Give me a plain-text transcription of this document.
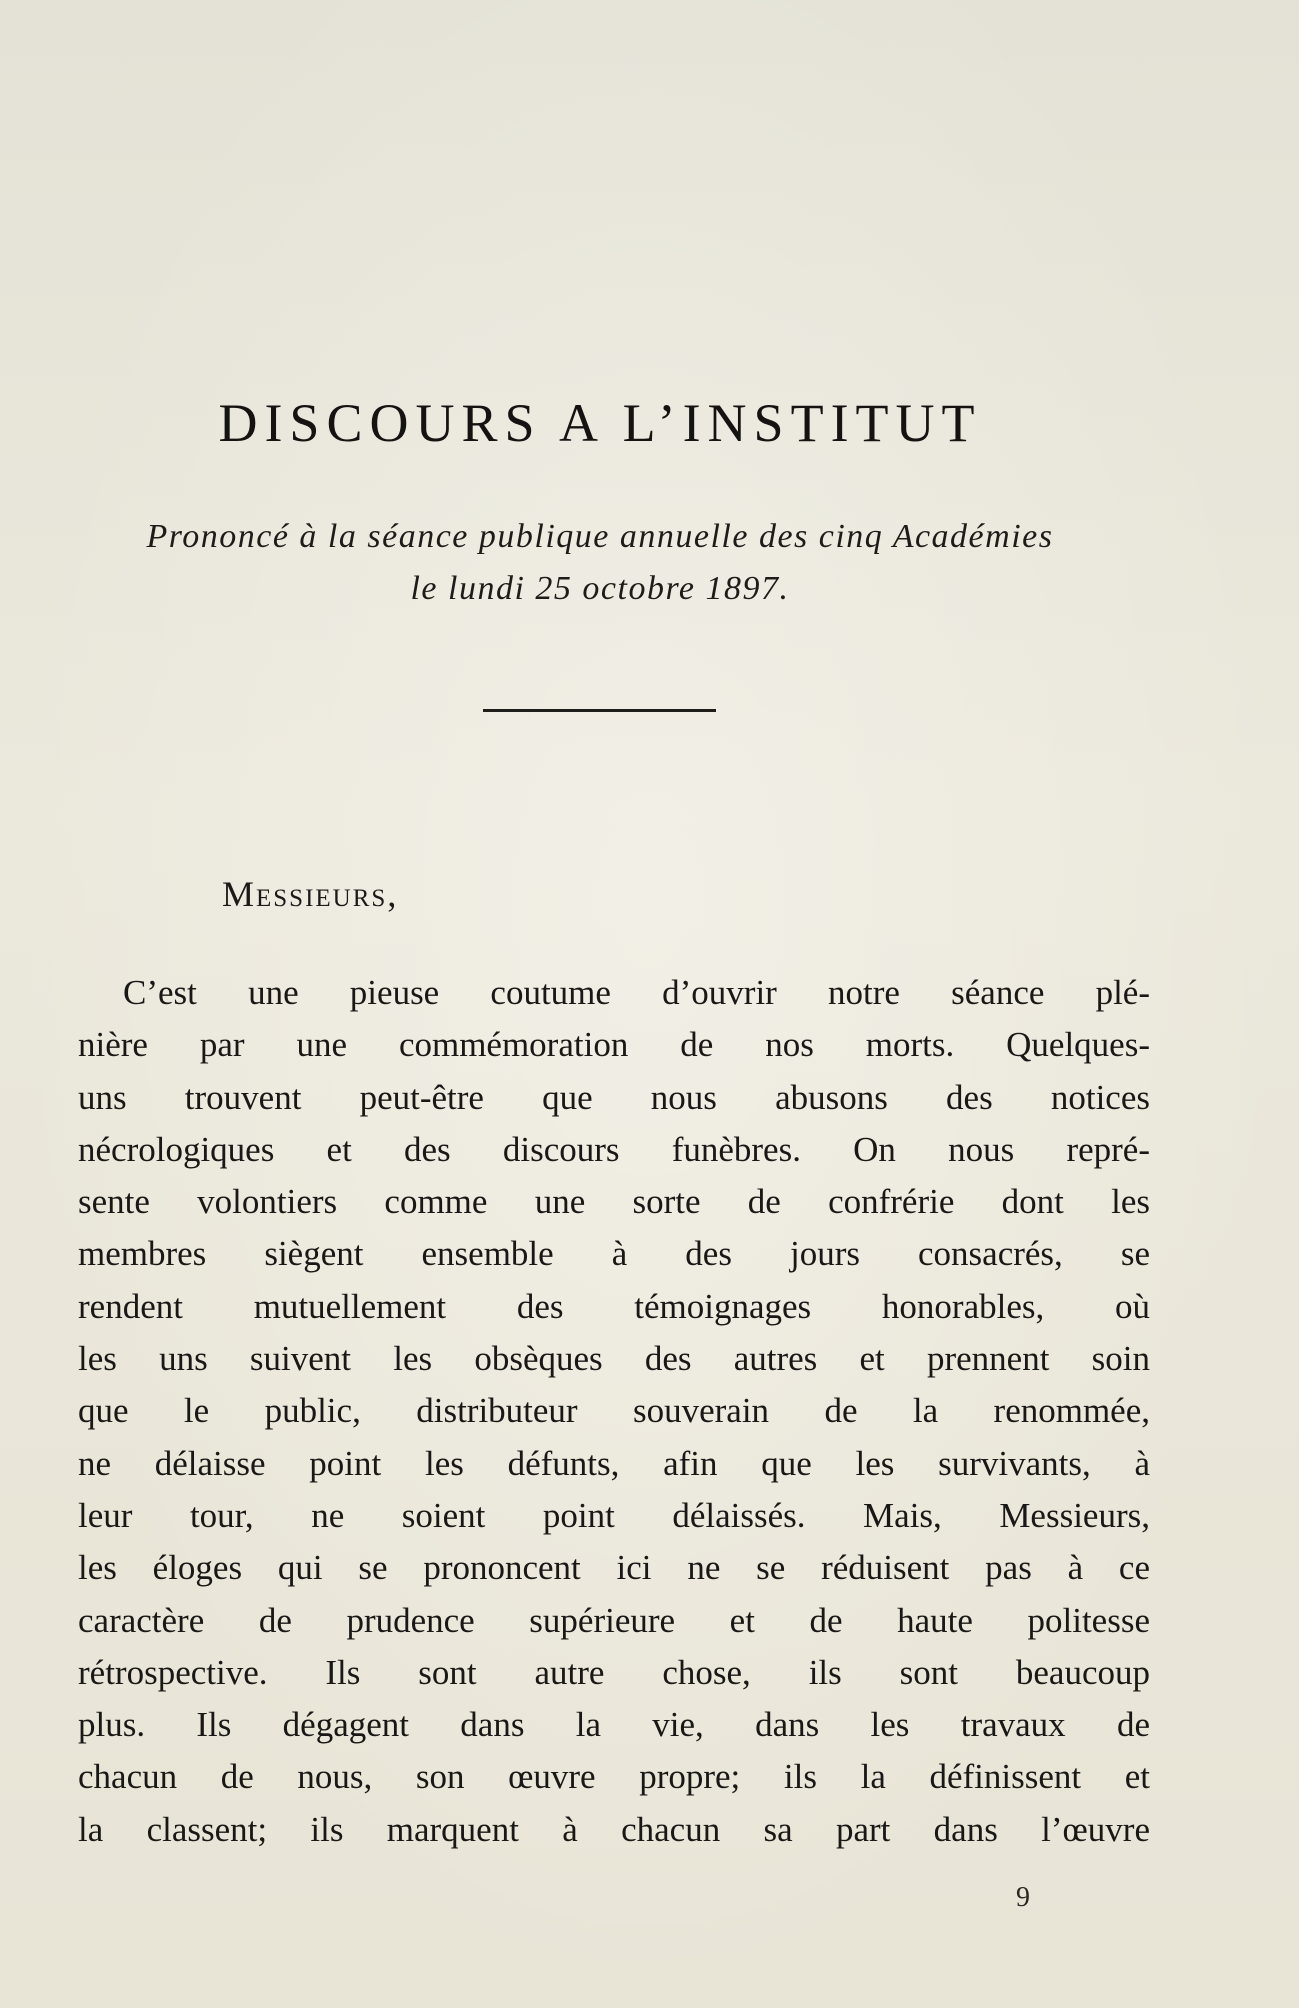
DISCOURS A L’INSTITUT
Prononcé à la séance publique annuelle des cinq Académies
le lundi 25 octobre 1897.
Messieurs,
C’est une pieuse coutume d’ouvrir notre séance plé-
nière par une commémoration de nos morts. Quelques-
uns trouvent peut-être que nous abusons des notices
nécrologiques et des discours funèbres. On nous repré-
sente volontiers comme une sorte de confrérie dont les
membres siègent ensemble à des jours consacrés, se
rendent mutuellement des témoignages honorables, où
les uns suivent les obsèques des autres et prennent soin
que le public, distributeur souverain de la renommée,
ne délaisse point les défunts, afin que les survivants, à
leur tour, ne soient point délaissés. Mais, Messieurs,
les éloges qui se prononcent ici ne se réduisent pas à ce
caractère de prudence supérieure et de haute politesse
rétrospective. Ils sont autre chose, ils sont beaucoup
plus. Ils dégagent dans la vie, dans les travaux de
chacun de nous, son œuvre propre; ils la définissent et
la classent; ils marquent à chacun sa part dans l’œuvre
9
